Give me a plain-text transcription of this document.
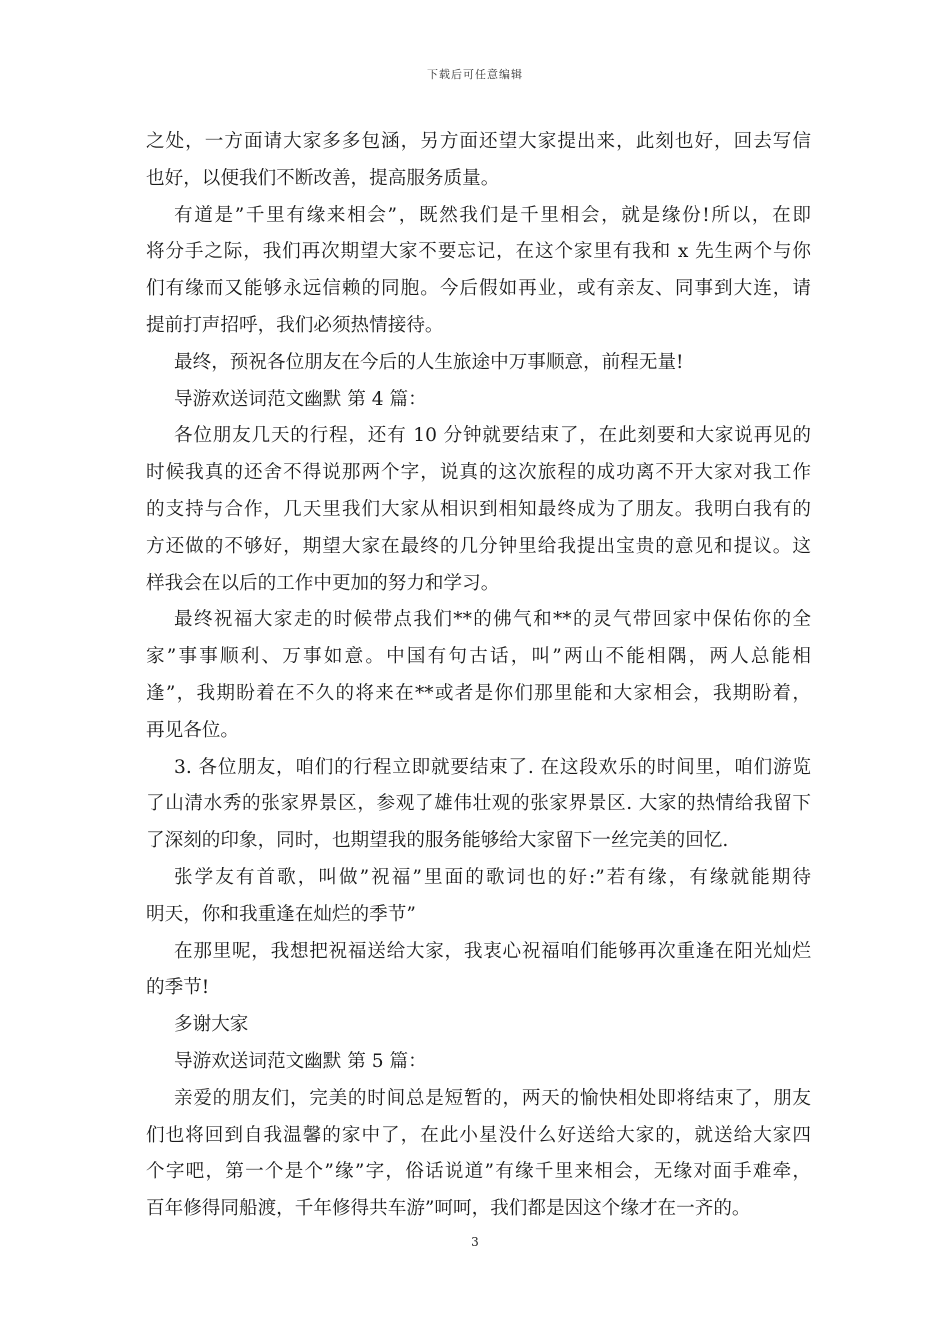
下载后可任意编辑
之处，一方面请大家多多包涵，另方面还望大家提出来，此刻也好，回去写信
也好，以便我们不断改善，提高服务质量。
有道是”千里有缘来相会”，既然我们是千里相会，就是缘份!所以，在即
将分手之际，我们再次期望大家不要忘记，在这个家里有我和 x 先生两个与你
们有缘而又能够永远信赖的同胞。今后假如再业，或有亲友、同事到大连，请
提前打声招呼，我们必须热情接待。
最终，预祝各位朋友在今后的人生旅途中万事顺意，前程无量!
导游欢送词范文幽默 第 4 篇：
各位朋友几天的行程，还有 10 分钟就要结束了，在此刻要和大家说再见的
时候我真的还舍不得说那两个字，说真的这次旅程的成功离不开大家对我工作
的支持与合作，几天里我们大家从相识到相知最终成为了朋友。我明白我有的
方还做的不够好，期望大家在最终的几分钟里给我提出宝贵的意见和提议。这
样我会在以后的工作中更加的努力和学习。
最终祝福大家走的时候带点我们**的佛气和**的灵气带回家中保佑你的全
家”事事顺利、万事如意。中国有句古话，叫”两山不能相隅，两人总能相
逢”，我期盼着在不久的将来在**或者是你们那里能和大家相会，我期盼着，
再见各位。
3. 各位朋友，咱们的行程立即就要结束了. 在这段欢乐的时间里，咱们游览
了山清水秀的张家界景区，参观了雄伟壮观的张家界景区. 大家的热情给我留下
了深刻的印象，同时，也期望我的服务能够给大家留下一丝完美的回忆.
张学友有首歌，叫做”祝福”里面的歌词也的好:”若有缘，有缘就能期待
明天，你和我重逢在灿烂的季节”
在那里呢，我想把祝福送给大家，我衷心祝福咱们能够再次重逢在阳光灿烂
的季节!
多谢大家
导游欢送词范文幽默 第 5 篇：
亲爱的朋友们，完美的时间总是短暂的，两天的愉快相处即将结束了，朋友
们也将回到自我温馨的家中了，在此小星没什么好送给大家的，就送给大家四
个字吧，第一个是个”缘”字，俗话说道”有缘千里来相会，无缘对面手难牵，
百年修得同船渡，千年修得共车游”呵呵，我们都是因这个缘才在一齐的。
3
